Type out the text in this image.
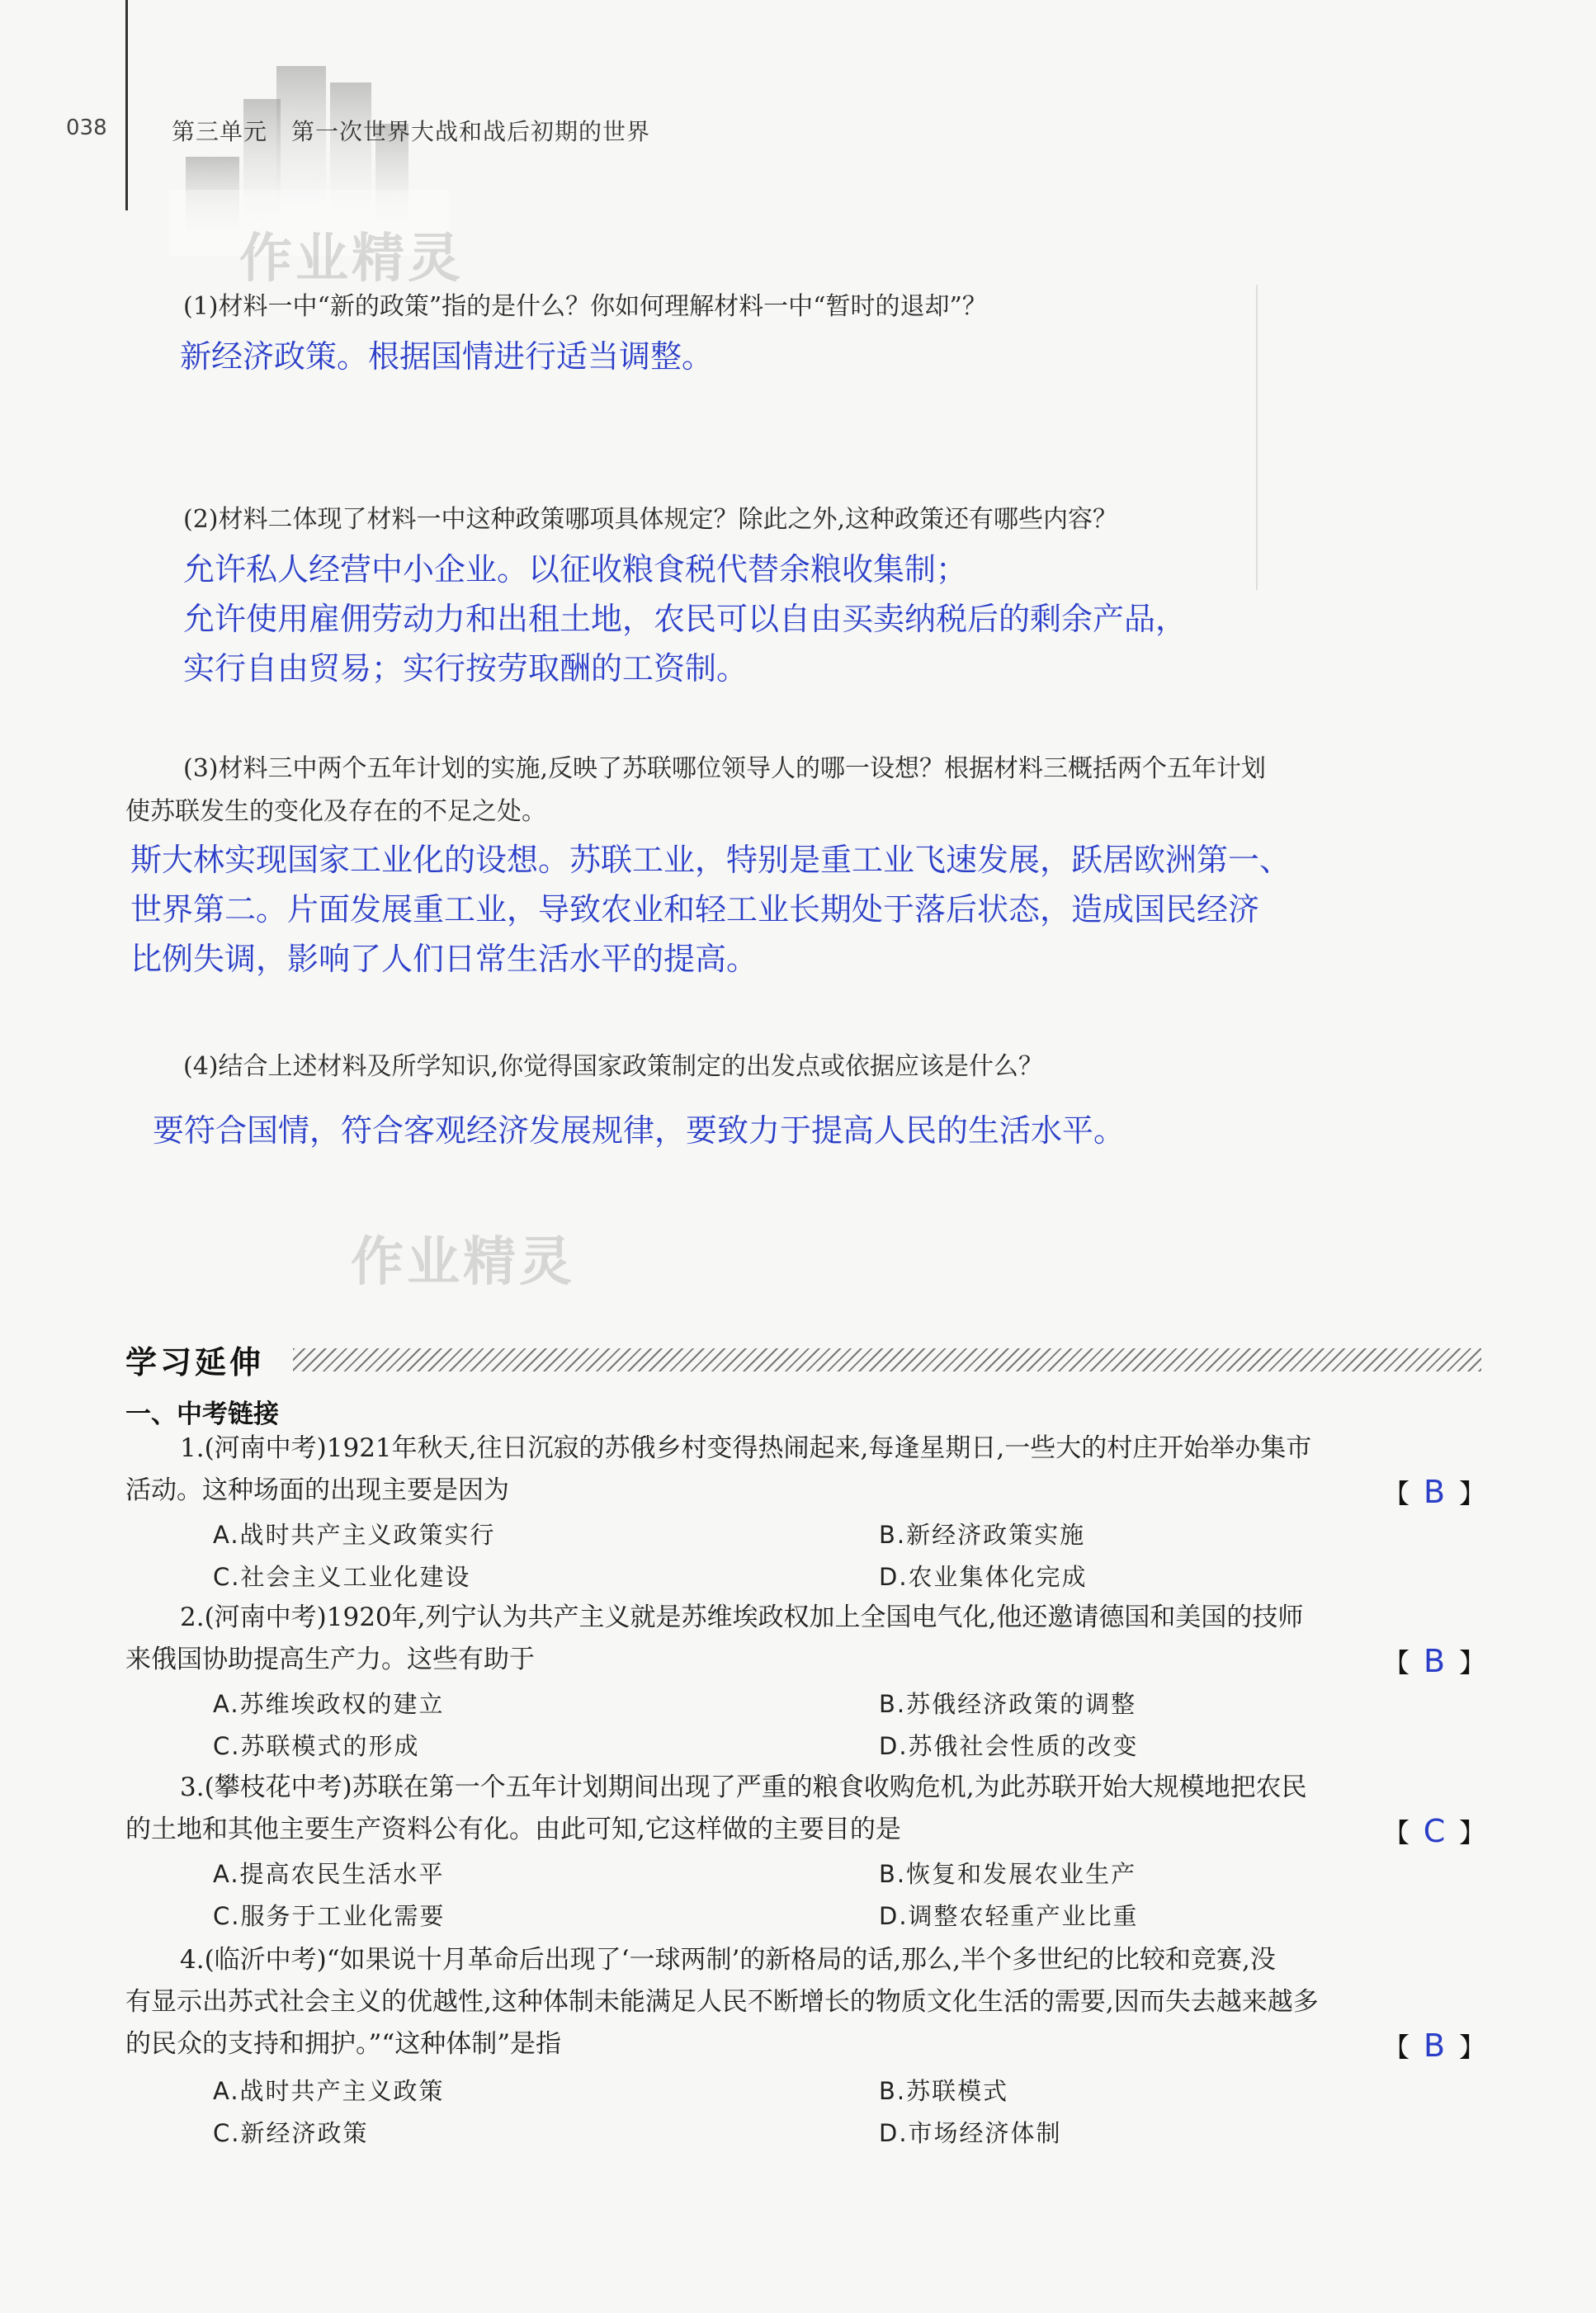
038	第三单元　第一次世界大战和战后初期的世界
作业精灵
作业精灵
(1)材料一中“新的政策”指的是什么？你如何理解材料一中“暂时的退却”？
新经济政策。根据国情进行适当调整。
(2)材料二体现了材料一中这种政策哪项具体规定？除此之外,这种政策还有哪些内容？
允许私人经营中小企业。以征收粮食税代替余粮收集制；
允许使用雇佣劳动力和出租土地，农民可以自由买卖纳税后的剩余产品，
实行自由贸易；实行按劳取酬的工资制。
(3)材料三中两个五年计划的实施,反映了苏联哪位领导人的哪一设想？根据材料三概括两个五年计划
使苏联发生的变化及存在的不足之处。
斯大林实现国家工业化的设想。苏联工业，特别是重工业飞速发展，跃居欧洲第一、
世界第二。片面发展重工业，导致农业和轻工业长期处于落后状态，造成国民经济
比例失调，影响了人们日常生活水平的提高。
(4)结合上述材料及所学知识,你觉得国家政策制定的出发点或依据应该是什么？
要符合国情，符合客观经济发展规律，要致力于提高人民的生活水平。
学习延伸
一、中考链接
1.(河南中考)1921年秋天,往日沉寂的苏俄乡村变得热闹起来,每逢星期日,一些大的村庄开始举办集市
活动。这种场面的出现主要是因为	【 B 】
A.战时共产主义政策实行	B.新经济政策实施
C.社会主义工业化建设	D.农业集体化完成
2.(河南中考)1920年,列宁认为共产主义就是苏维埃政权加上全国电气化,他还邀请德国和美国的技师
来俄国协助提高生产力。这些有助于	【 B 】
A.苏维埃政权的建立	B.苏俄经济政策的调整
C.苏联模式的形成	D.苏俄社会性质的改变
3.(攀枝花中考)苏联在第一个五年计划期间出现了严重的粮食收购危机,为此苏联开始大规模地把农民
的土地和其他主要生产资料公有化。由此可知,它这样做的主要目的是	【 C 】
A.提高农民生活水平	B.恢复和发展农业生产
C.服务于工业化需要	D.调整农轻重产业比重
4.(临沂中考)“如果说十月革命后出现了‘一球两制’的新格局的话,那么,半个多世纪的比较和竞赛,没
有显示出苏式社会主义的优越性,这种体制未能满足人民不断增长的物质文化生活的需要,因而失去越来越多
的民众的支持和拥护。”“这种体制”是指	【 B 】
A.战时共产主义政策	B.苏联模式
C.新经济政策	D.市场经济体制
